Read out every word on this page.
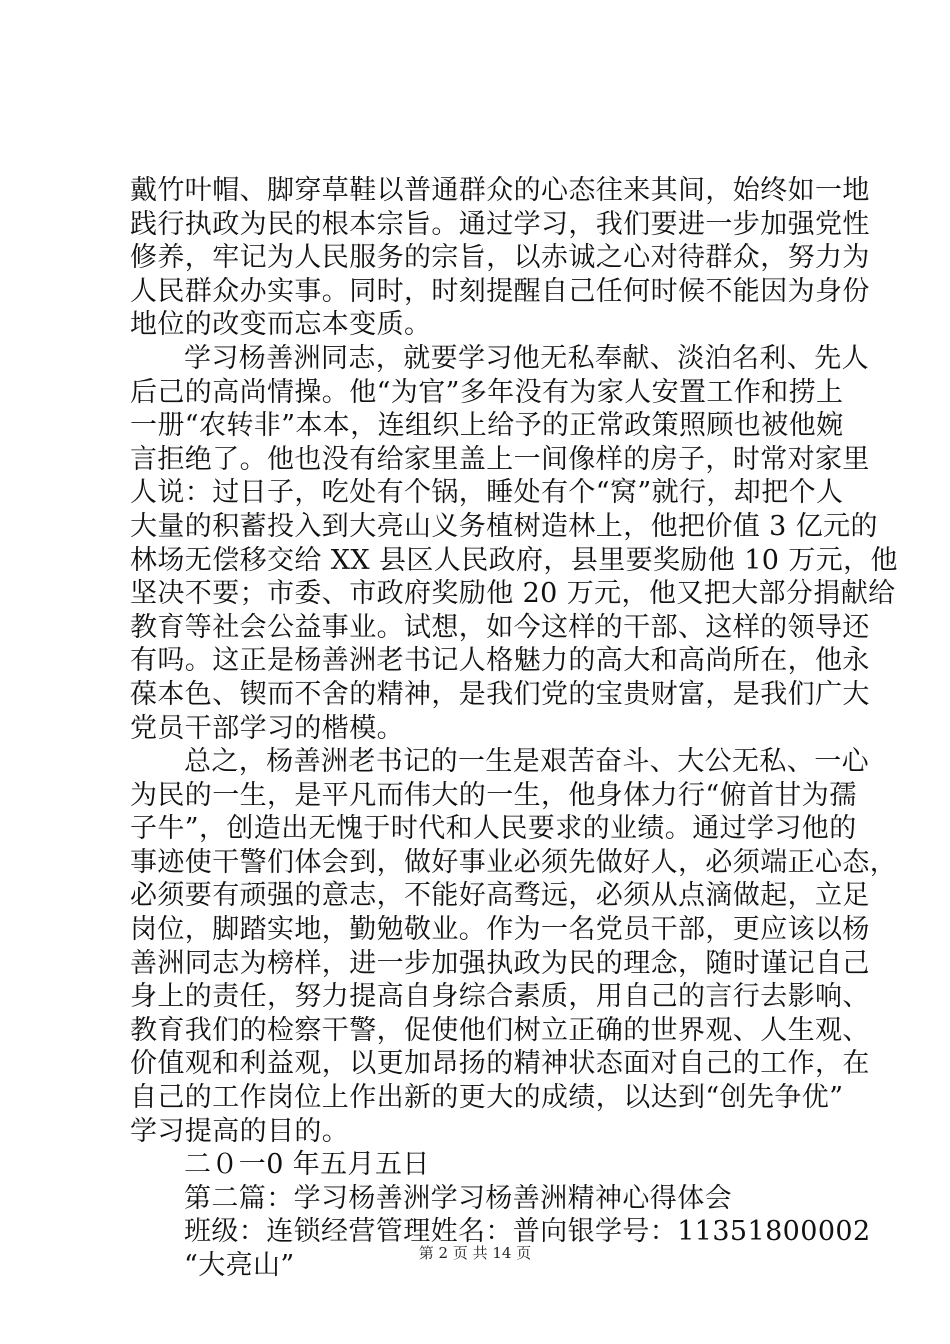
戴竹叶帽、脚穿草鞋以普通群众的心态往来其间，始终如一地
践行执政为民的根本宗旨。通过学习，我们要进一步加强党性
修养，牢记为人民服务的宗旨，以赤诚之心对待群众，努力为
人民群众办实事。同时，时刻提醒自己任何时候不能因为身份
地位的改变而忘本变质。
学习杨善洲同志，就要学习他无私奉献、淡泊名利、先人
后己的高尚情操。他“为官”多年没有为家人安置工作和捞上
一册“农转非”本本，连组织上给予的正常政策照顾也被他婉
言拒绝了。他也没有给家里盖上一间像样的房子，时常对家里
人说：过日子，吃处有个锅，睡处有个“窝”就行，却把个人
大量的积蓄投入到大亮山义务植树造林上，他把价值 3 亿元的
林场无偿移交给 XX 县区人民政府，县里要奖励他 10 万元，他
坚决不要；市委、市政府奖励他 20 万元，他又把大部分捐献给
教育等社会公益事业。试想，如今这样的干部、这样的领导还
有吗。这正是杨善洲老书记人格魅力的高大和高尚所在，他永
葆本色、锲而不舍的精神，是我们党的宝贵财富，是我们广大
党员干部学习的楷模。
总之，杨善洲老书记的一生是艰苦奋斗、大公无私、一心
为民的一生，是平凡而伟大的一生，他身体力行“俯首甘为孺
子牛”，创造出无愧于时代和人民要求的业绩。通过学习他的
事迹使干警们体会到，做好事业必须先做好人，必须端正心态，
必须要有顽强的意志，不能好高骛远，必须从点滴做起，立足
岗位，脚踏实地，勤勉敬业。作为一名党员干部，更应该以杨
善洲同志为榜样，进一步加强执政为民的理念，随时谨记自己
身上的责任，努力提高自身综合素质，用自己的言行去影响、
教育我们的检察干警，促使他们树立正确的世界观、人生观、
价值观和利益观，以更加昂扬的精神状态面对自己的工作，在
自己的工作岗位上作出新的更大的成绩，以达到“创先争优”
学习提高的目的。
二０一0 年五月五日
第二篇：学习杨善洲学习杨善洲精神心得体会
班级：连锁经营管理姓名：普向银学号：11351800002
“大亮山”	第 2 页 共 14 页
